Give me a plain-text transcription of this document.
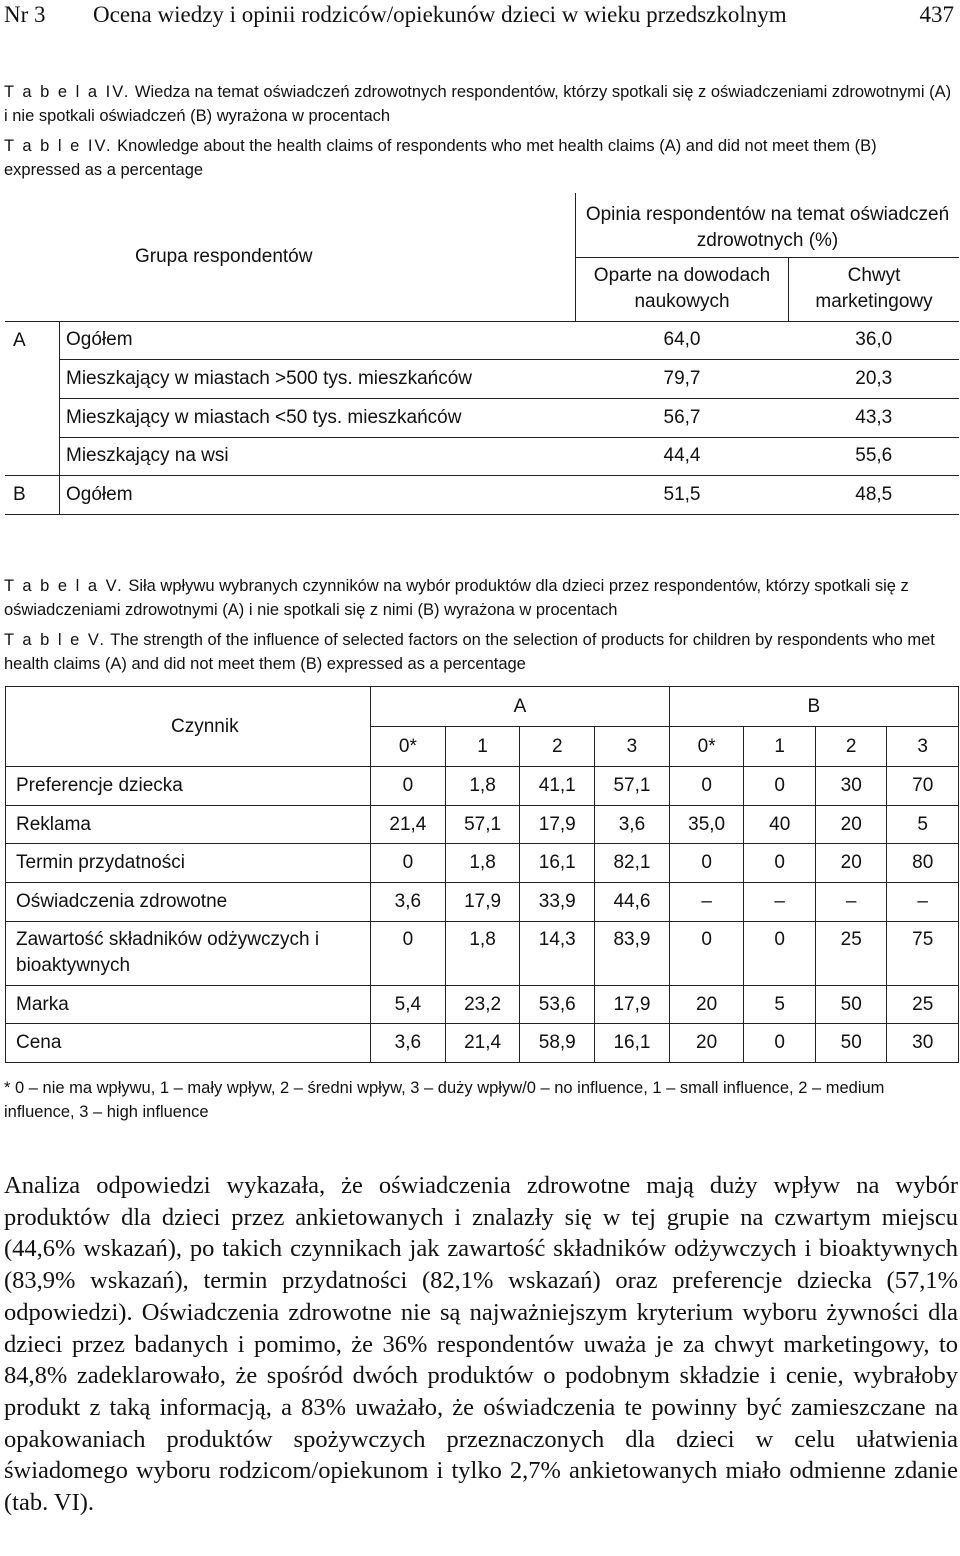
Nr 3 Ocena wiedzy i opinii rodziców/opiekunów dzieci w wieku przedszkolnym	437
T a b e l a IV. Wiedza na temat oświadczeń zdrowotnych respondentów, którzy spotkali się z oświadczeniami zdrowotnymi (A) i nie spotkali oświadczeń (B) wyrażona w procentach
T a b l e IV. Knowledge about the health claims of respondents who met health claims (A) and did not meet them (B) expressed as a percentage
Grupa respondentów		Opinia respondentów na temat oświadczeń zdrowotnych (%)	
		Oparte na dowodach naukowych	Chwyt marketingowy
A	Ogółem	64,0	36,0
	Mieszkający w miastach >500 tys. mieszkańców	79,7	20,3
	Mieszkający w miastach <50 tys. mieszkańców	56,7	43,3
	Mieszkający na wsi	44,4	55,6
B	Ogółem	51,5	48,5
T a b e l a V. Siła wpływu wybranych czynników na wybór produktów dla dzieci przez respondentów, którzy spotkali się z oświadczeniami zdrowotnymi (A) i nie spotkali się z nimi (B) wyrażona w procentach
T a b l e V. The strength of the influence of selected factors on the selection of products for children by respondents who met health claims (A) and did not meet them (B) expressed as a percentage
Czynnik	A				B			
	0*	1	2	3	0*	1	2	3
Preferencje dziecka	0	1,8	41,1	57,1	0	0	30	70
Reklama	21,4	57,1	17,9	3,6	35,0	40	20	5
Termin przydatności	0	1,8	16,1	82,1	0	0	20	80
Oświadczenia zdrowotne	3,6	17,9	33,9	44,6	–	–	–	–
Zawartość składników odżywczych i bioaktywnych	0	1,8	14,3	83,9	0	0	25	75
Marka	5,4	23,2	53,6	17,9	20	5	50	25
Cena	3,6	21,4	58,9	16,1	20	0	50	30
* 0 – nie ma wpływu, 1 – mały wpływ, 2 – średni wpływ, 3 – duży wpływ/0 – no influence, 1 – small influence, 2 – medium influence, 3 – high influence
Analiza odpowiedzi wykazała, że oświadczenia zdrowotne mają duży wpływ na wybór produktów dla dzieci przez ankietowanych i znalazły się w tej grupie na czwartym miejscu (44,6% wskazań), po takich czynnikach jak zawartość składników odżywczych i bioaktywnych (83,9% wskazań), termin przydatności (82,1% wskazań) oraz preferencje dziecka (57,1% odpowiedzi). Oświadczenia zdrowotne nie są najważniejszym kryterium wyboru żywności dla dzieci przez badanych i pomimo, że 36% respondentów uważa je za chwyt marketingowy, to 84,8% zadeklarowało, że spośród dwóch produktów o podobnym składzie i cenie, wybrałoby produkt z taką informacją, a 83% uważało, że oświadczenia te powinny być zamieszczane na opakowaniach produktów spożywczych przeznaczonych dla dzieci w celu ułatwienia świadomego wyboru rodzicom/opiekunom i tylko 2,7% ankietowanych miało odmienne zdanie (tab. VI).
